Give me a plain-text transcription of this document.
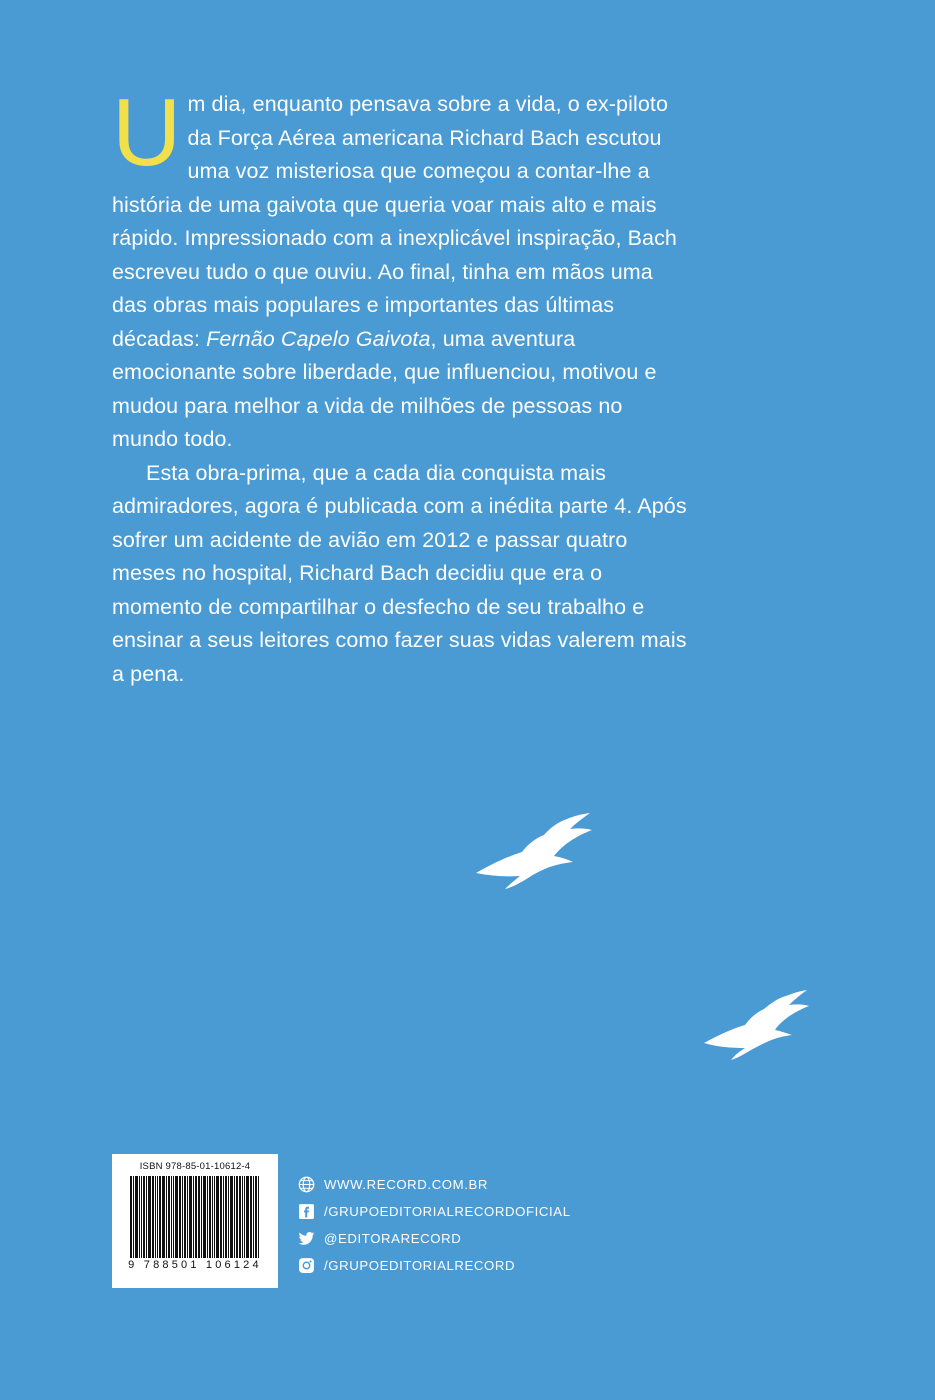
Um dia, enquanto pensava sobre a vida, o ex-piloto da Força Aérea americana Richard Bach escutou uma voz misteriosa que começou a contar-lhe a história de uma gaivota que queria voar mais alto e mais rápido. Impressionado com a inexplicável inspiração, Bach escreveu tudo o que ouviu. Ao final, tinha em mãos uma das obras mais populares e importantes das últimas décadas: Fernão Capelo Gaivota, uma aventura emocionante sobre liberdade, que influenciou, motivou e mudou para melhor a vida de milhões de pessoas no mundo todo.

Esta obra-prima, que a cada dia conquista mais admiradores, agora é publicada com a inédita parte 4. Após sofrer um acidente de avião em 2012 e passar quatro meses no hospital, Richard Bach decidiu que era o momento de compartilhar o desfecho de seu trabalho e ensinar a seus leitores como fazer suas vidas valerem mais a pena.

ISBN 978-85-01-10612-4
9 788501 106124
WWW.RECORD.COM.BR
/GRUPOEDITORIALRECORDOFICIAL
@EDITORARECORD
/GRUPOEDITORIALRECORD
